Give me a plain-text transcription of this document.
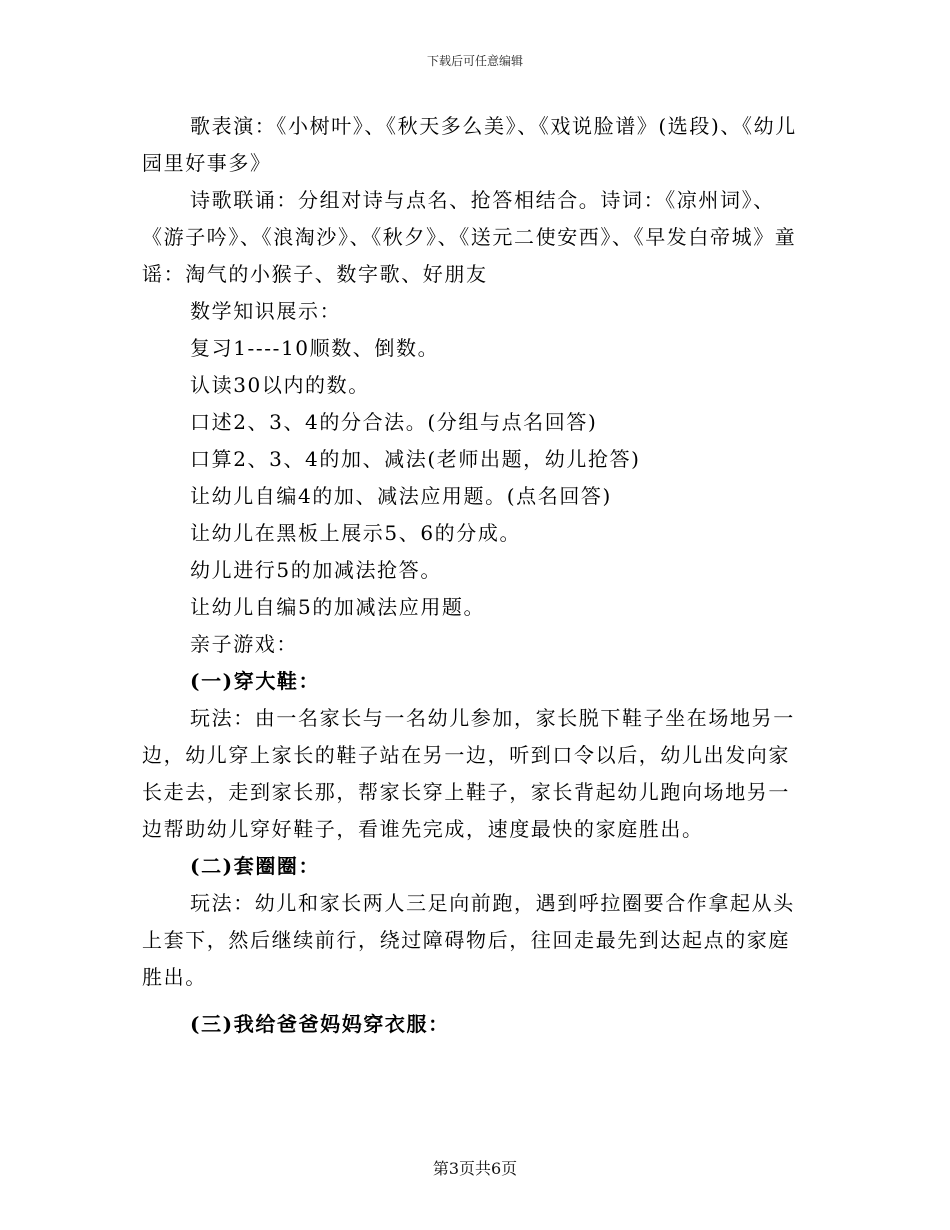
下载后可任意编辑

歌表演：《小树叶》、《秋天多么美》、《戏说脸谱》(选段)、《幼儿园里好事多》

诗歌联诵：分组对诗与点名、抢答相结合。诗词：《凉州词》、《游子吟》、《浪淘沙》、《秋夕》、《送元二使安西》、《早发白帝城》童谣：淘气的小猴子、数字歌、好朋友

数学知识展示：

复习1----10顺数、倒数。

认读30以内的数。

口述2、3、4的分合法。(分组与点名回答)

口算2、3、4的加、减法(老师出题，幼儿抢答)

让幼儿自编4的加、减法应用题。(点名回答)

让幼儿在黑板上展示5、6的分成。

幼儿进行5的加减法抢答。

让幼儿自编5的加减法应用题。

亲子游戏：

(一)穿大鞋：

玩法：由一名家长与一名幼儿参加，家长脱下鞋子坐在场地另一边，幼儿穿上家长的鞋子站在另一边，听到口令以后，幼儿出发向家长走去，走到家长那，帮家长穿上鞋子，家长背起幼儿跑向场地另一边帮助幼儿穿好鞋子，看谁先完成，速度最快的家庭胜出。

(二)套圈圈：

玩法：幼儿和家长两人三足向前跑，遇到呼拉圈要合作拿起从头上套下，然后继续前行，绕过障碍物后，往回走最先到达起点的家庭胜出。

(三)我给爸爸妈妈穿衣服：

第3页共6页
